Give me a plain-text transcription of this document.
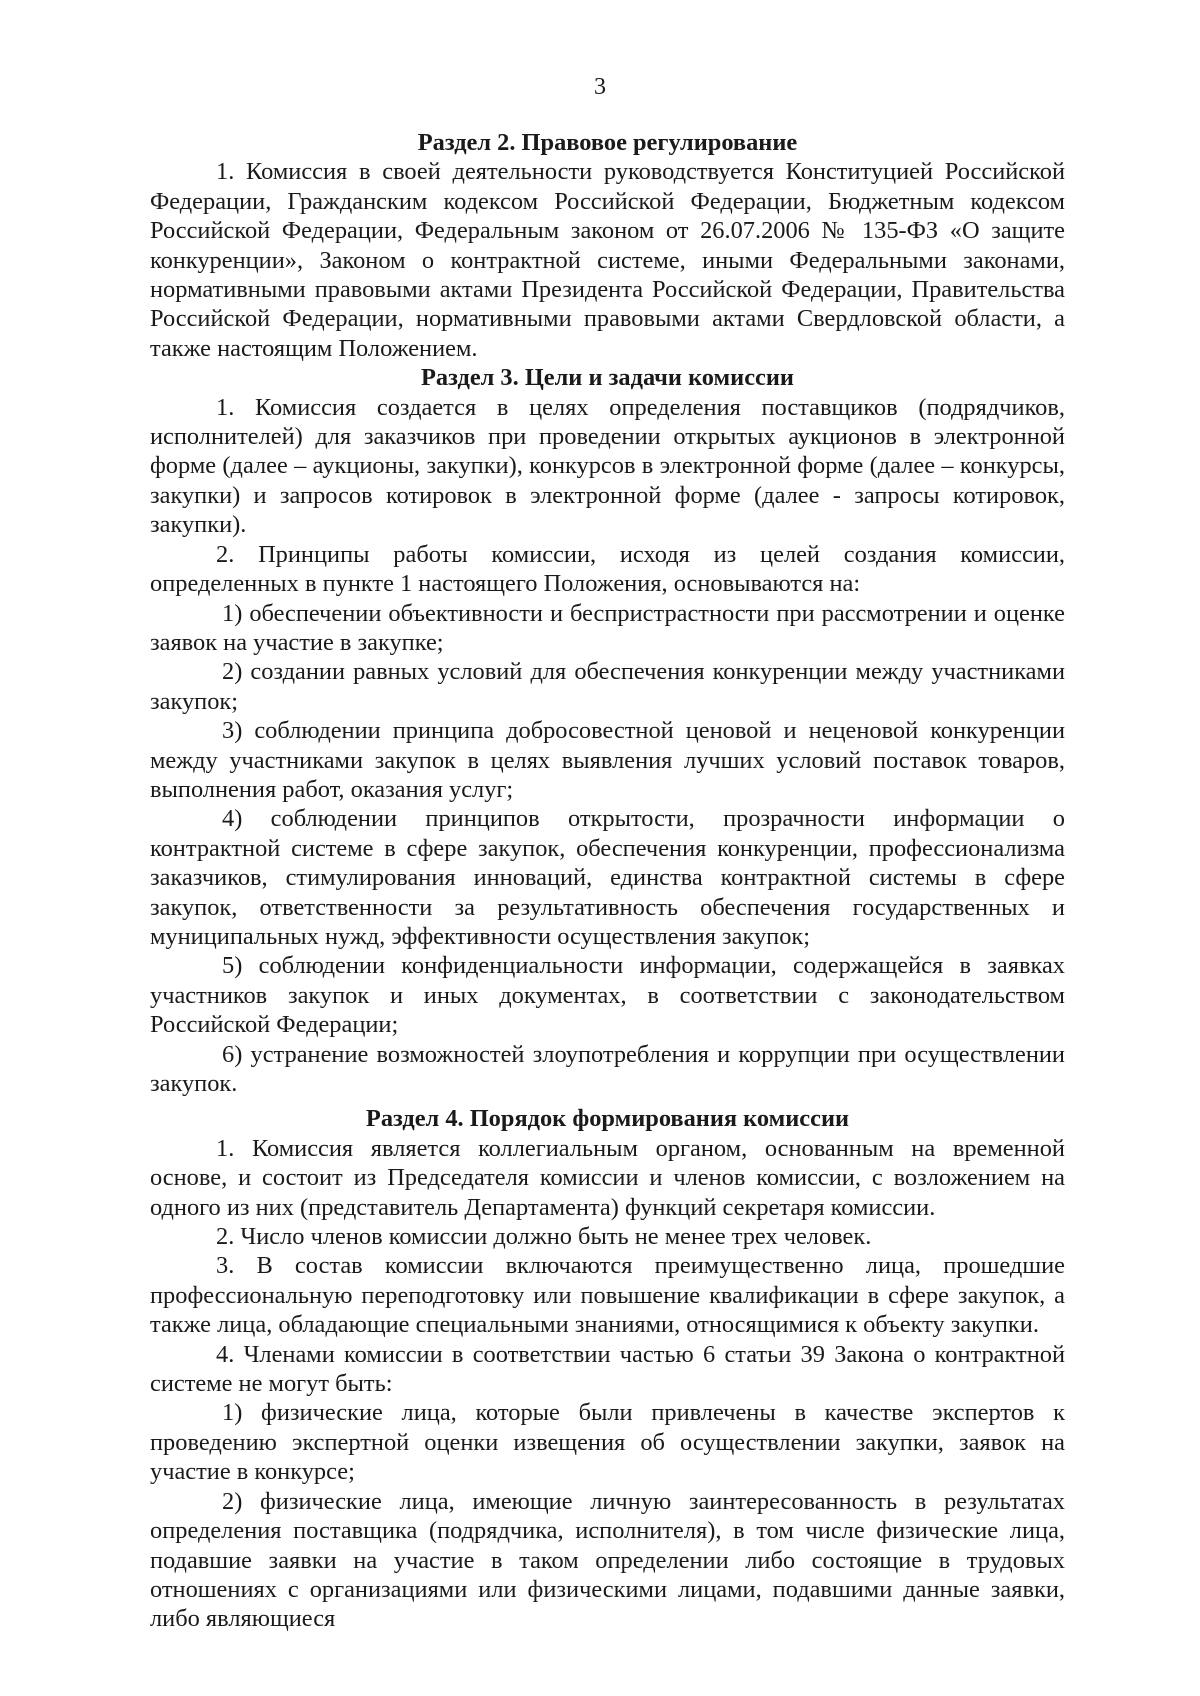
3
Раздел 2. Правовое регулирование

1. Комиссия в своей деятельности руководствуется Конституцией Российской Федерации, Гражданским кодексом Российской Федерации, Бюджетным кодексом Российской Федерации, Федеральным законом от 26.07.2006 № 135-ФЗ «О защите конкуренции», Законом о контрактной системе, иными Федеральными законами, нормативными правовыми актами Президента Российской Федерации, Правительства Российской Федерации, нормативными правовыми актами Свердловской области, а также настоящим Положением.

Раздел 3. Цели и задачи комиссии

1. Комиссия создается в целях определения поставщиков (подрядчиков, исполнителей) для заказчиков при проведении открытых аукционов в электронной форме (далее – аукционы, закупки), конкурсов в электронной форме (далее – конкурсы, закупки) и запросов котировок в электронной форме (далее - запросы котировок, закупки).

2. Принципы работы комиссии, исходя из целей создания комиссии, определенных в пункте 1 настоящего Положения, основываются на:

1) обеспечении объективности и беспристрастности при рассмотрении и оценке заявок на участие в закупке;

2) создании равных условий для обеспечения конкуренции между участниками закупок;

3) соблюдении принципа добросовестной ценовой и неценовой конкуренции между участниками закупок в целях выявления лучших условий поставок товаров, выполнения работ, оказания услуг;

4) соблюдении принципов открытости, прозрачности информации о контрактной системе в сфере закупок, обеспечения конкуренции, профессионализма заказчиков, стимулирования инноваций, единства контрактной системы в сфере закупок, ответственности за результативность обеспечения государственных и муниципальных нужд, эффективности осуществления закупок;

5) соблюдении конфиденциальности информации, содержащейся в заявках участников закупок и иных документах, в соответствии с законодательством Российской Федерации;

6) устранение возможностей злоупотребления и коррупции при осуществлении закупок.

Раздел 4. Порядок формирования комиссии

1. Комиссия является коллегиальным органом, основанным на временной основе, и состоит из Председателя комиссии и членов комиссии, с возложением на одного из них (представитель Департамента) функций секретаря комиссии.

2. Число членов комиссии должно быть не менее трех человек.

3. В состав комиссии включаются преимущественно лица, прошедшие профессиональную переподготовку или повышение квалификации в сфере закупок, а также лица, обладающие специальными знаниями, относящимися к объекту закупки.

4. Членами комиссии в соответствии частью 6 статьи 39 Закона о контрактной системе не могут быть:

1) физические лица, которые были привлечены в качестве экспертов к проведению экспертной оценки извещения об осуществлении закупки, заявок на участие в конкурсе;

2) физические лица, имеющие личную заинтересованность в результатах определения поставщика (подрядчика, исполнителя), в том числе физические лица, подавшие заявки на участие в таком определении либо состоящие в трудовых отношениях с организациями или физическими лицами, подавшими данные заявки, либо являющиеся
